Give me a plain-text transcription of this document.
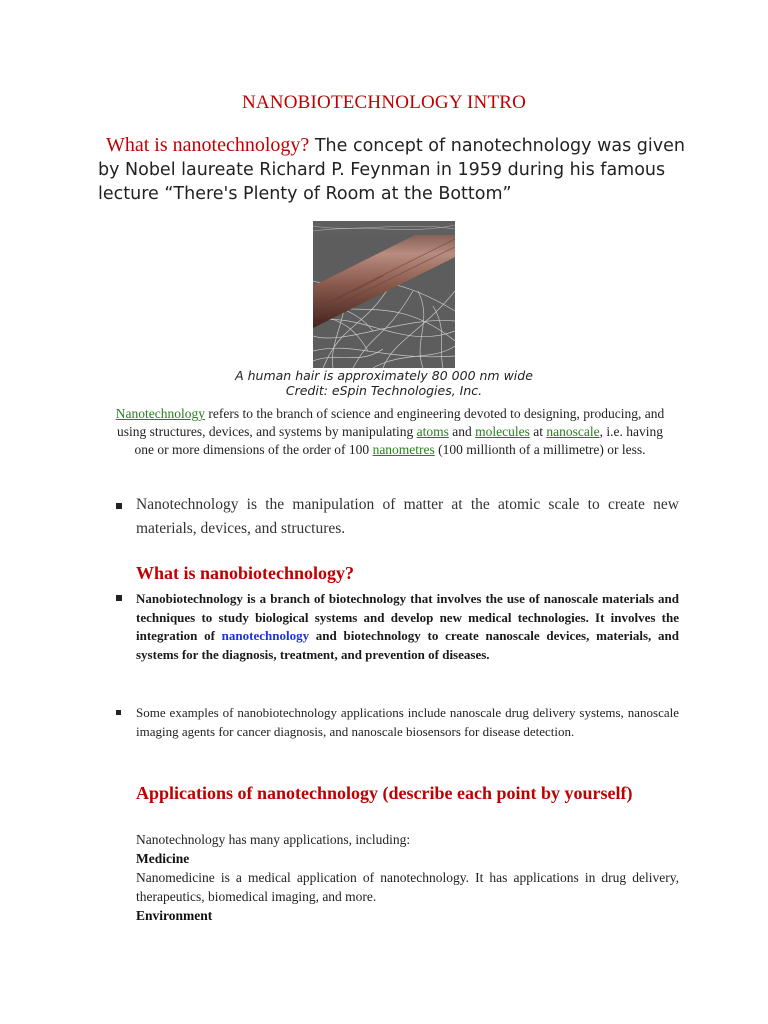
NANOBIOTECHNOLOGY INTRO
What is nanotechnology? The concept of nanotechnology was given by Nobel laureate Richard P. Feynman in 1959 during his famous lecture “There's Plenty of Room at the Bottom”
A human hair is approximately 80 000 nm wide
Credit: eSpin Technologies, Inc.
Nanotechnology refers to the branch of science and engineering devoted to designing, producing, and using structures, devices, and systems by manipulating atoms and molecules at nanoscale, i.e. having one or more dimensions of the order of 100 nanometres (100 millionth of a millimetre) or less.
Nanotechnology is the manipulation of matter at the atomic scale to create new materials, devices, and structures.
What is nanobiotechnology?
Nanobiotechnology is a branch of biotechnology that involves the use of nanoscale materials and techniques to study biological systems and develop new medical technologies. It involves the integration of nanotechnology and biotechnology to create nanoscale devices, materials, and systems for the diagnosis, treatment, and prevention of diseases.
Some examples of nanobiotechnology applications include nanoscale drug delivery systems, nanoscale imaging agents for cancer diagnosis, and nanoscale biosensors for disease detection.
Applications of nanotechnology (describe each point by yourself)
Nanotechnology has many applications, including:
Medicine
Nanomedicine is a medical application of nanotechnology. It has applications in drug delivery, therapeutics, biomedical imaging, and more.
Environment
